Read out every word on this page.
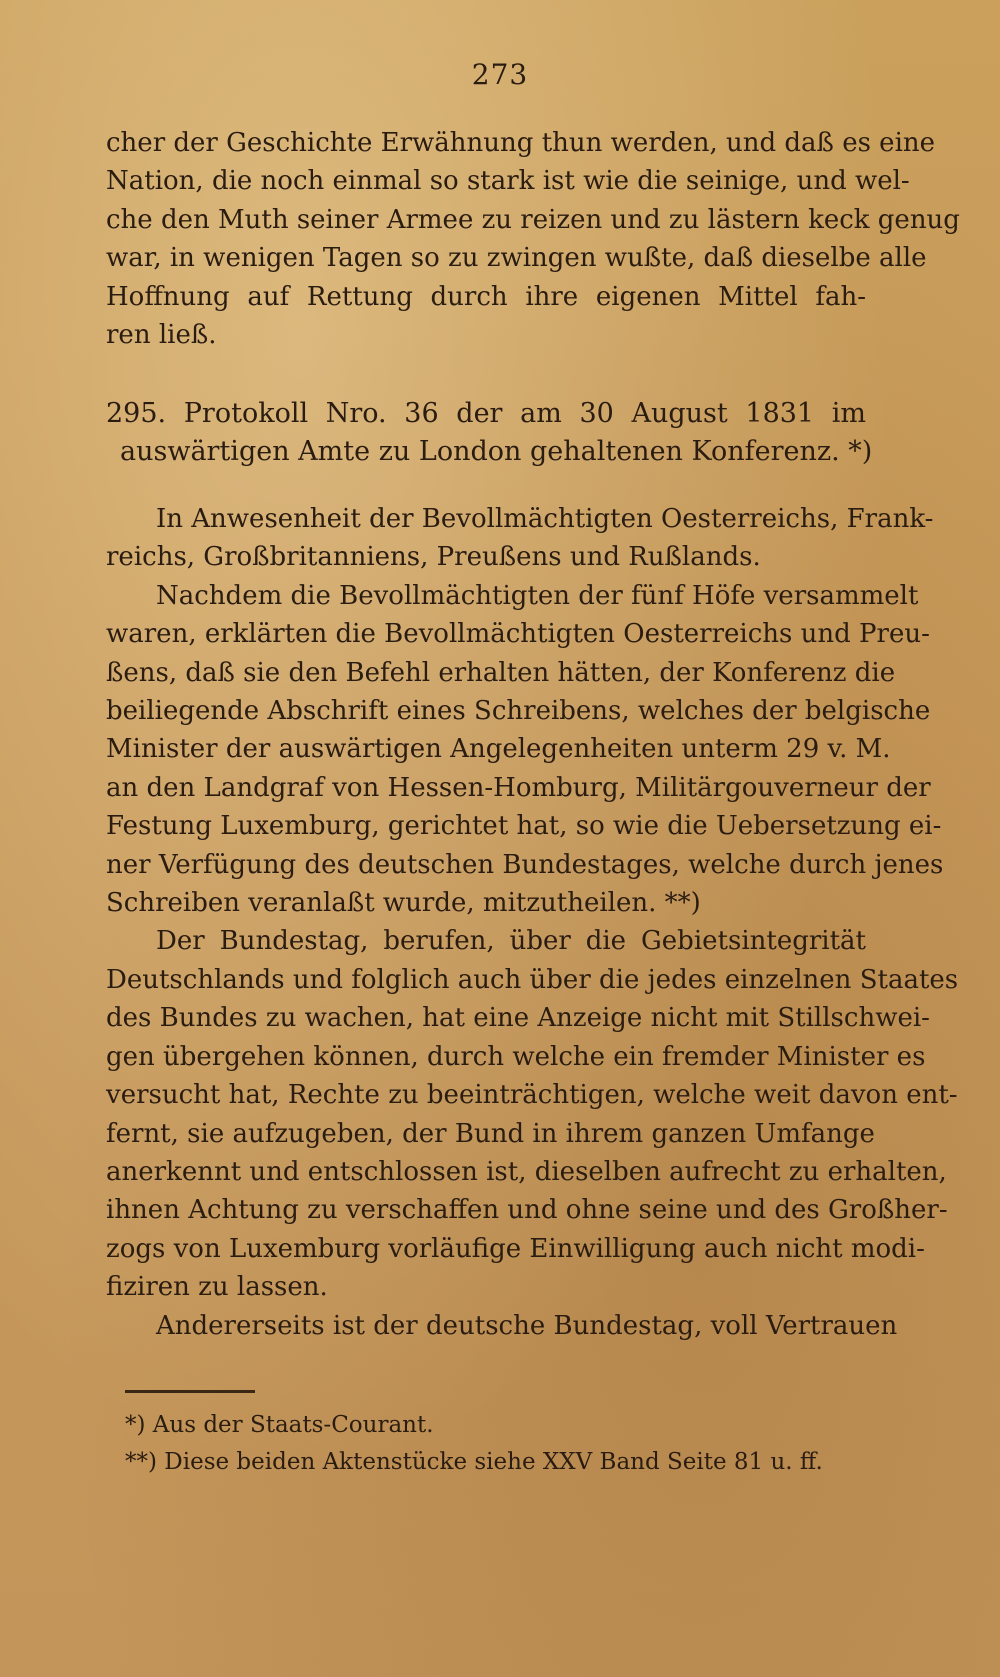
273
cher der Geschichte Erwähnung thun werden, und daß es eine
Nation, die noch einmal so stark ist wie die seinige, und wel-
che den Muth seiner Armee zu reizen und zu lästern keck genug
war, in wenigen Tagen so zu zwingen wußte, daß dieselbe alle
Hoffnung auf Rettung durch ihre eigenen Mittel fah-
ren ließ.
295. Protokoll Nro. 36 der am 30 August 1831 im
auswärtigen Amte zu London gehaltenen Konferenz. *)
In Anwesenheit der Bevollmächtigten Oesterreichs, Frank-
reichs, Großbritanniens, Preußens und Rußlands.
Nachdem die Bevollmächtigten der fünf Höfe versammelt
waren, erklärten die Bevollmächtigten Oesterreichs und Preu-
ßens, daß sie den Befehl erhalten hätten, der Konferenz die
beiliegende Abschrift eines Schreibens, welches der belgische
Minister der auswärtigen Angelegenheiten unterm 29 v. M.
an den Landgraf von Hessen-Homburg, Militärgouverneur der
Festung Luxemburg, gerichtet hat, so wie die Uebersetzung ei-
ner Verfügung des deutschen Bundestages, welche durch jenes
Schreiben veranlaßt wurde, mitzutheilen. **)
Der Bundestag, berufen, über die Gebietsintegrität
Deutschlands und folglich auch über die jedes einzelnen Staates
des Bundes zu wachen, hat eine Anzeige nicht mit Stillschwei-
gen übergehen können, durch welche ein fremder Minister es
versucht hat, Rechte zu beeinträchtigen, welche weit davon ent-
fernt, sie aufzugeben, der Bund in ihrem ganzen Umfange
anerkennt und entschlossen ist, dieselben aufrecht zu erhalten,
ihnen Achtung zu verschaffen und ohne seine und des Großher-
zogs von Luxemburg vorläufige Einwilligung auch nicht modi-
fiziren zu lassen.
Andererseits ist der deutsche Bundestag, voll Vertrauen
*) Aus der Staats-Courant.
**) Diese beiden Aktenstücke siehe XXV Band Seite 81 u. ff.
